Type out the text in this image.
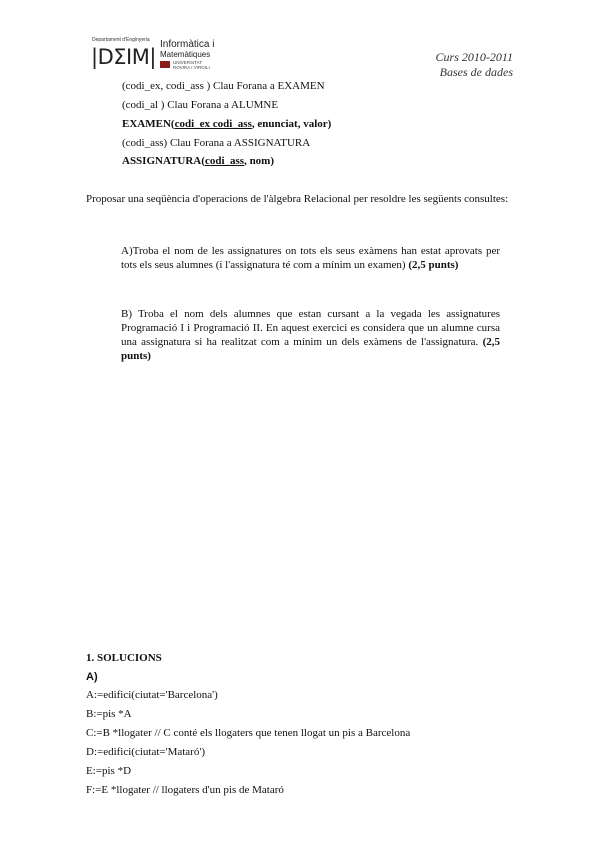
Departament d'Enginyeria
|DΣIM|
Informàtica i
Matemàtiques
UNIVERSITAT
ROVIRA I VIRGILI
Curs 2010-2011
Bases de dades
(codi_ex, codi_ass ) Clau Forana a EXAMEN
(codi_al ) Clau Forana a ALUMNE
EXAMEN(codi_ex codi_ass, enunciat, valor)
(codi_ass) Clau Forana a ASSIGNATURA
ASSIGNATURA(codi_ass, nom)
Proposar una seqüència d'operacions de l'àlgebra Relacional per resoldre les següents consultes:
A)Troba el nom de les assignatures on tots els seus exàmens han estat aprovats per tots els seus alumnes (i l'assignatura té com a mínim un examen) (2,5 punts)
B) Troba el nom dels alumnes que estan cursant a la vegada les assignatures Programació I i Programació II. En aquest exercici es considera que un alumne cursa una assignatura si ha realitzat com a mínim un dels exàmens de l'assignatura. (2,5 punts)
1. SOLUCIONS
A)
A:=edifici(ciutat='Barcelona')
B:=pis *A
C:=B *llogater // C conté els llogaters que tenen llogat un pis a Barcelona
D:=edifici(ciutat='Mataró')
E:=pis *D
F:=E *llogater // llogaters d'un pis de Mataró
